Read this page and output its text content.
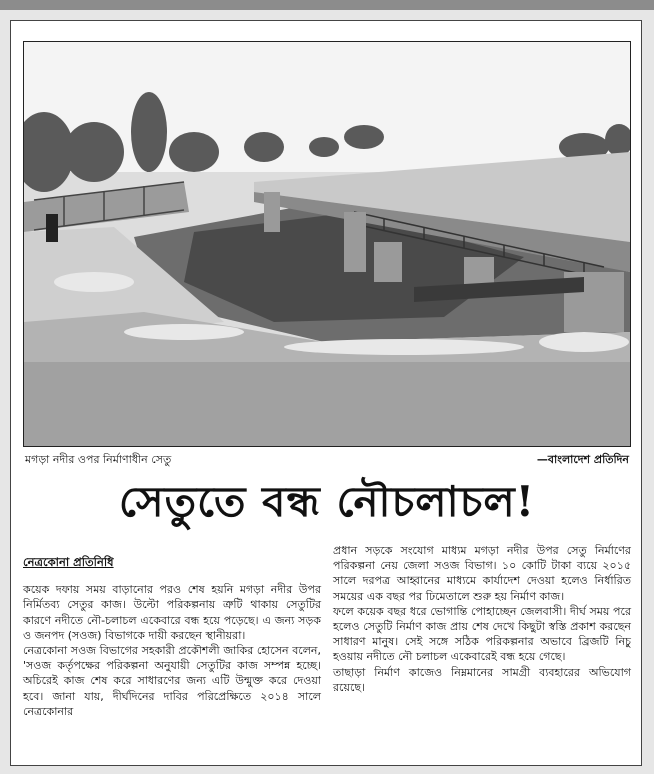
মগড়া নদীর ওপর নির্মাণাধীন সেতু	—বাংলাদেশ প্রতিদিন
সেতুতে বন্ধ নৌচলাচল!
নেত্রকোনা প্রতিনিধি

কয়েক দফায় সময় বাড়ানোর পরও শেষ হয়নি মগড়া নদীর উপর নির্মিতব্য সেতুর কাজ। উল্টো পরিকল্পনায় ত্রুটি থাকায় সেতুটির কারণে নদীতে নৌ-চলাচল একেবারে বন্ধ হয়ে পড়েছে। এ জন্য সড়ক ও জনপদ (সওজ) বিভাগকে দায়ী করছেন স্থানীয়রা।

নেত্রকোনা সওজ বিভাগের সহকারী প্রকৌশলী জাকির হোসেন বলেন, 'সওজ কর্তৃপক্ষের পরিকল্পনা অনুযায়ী সেতুটির কাজ সম্পন্ন হচ্ছে। অচিরেই কাজ শেষ করে সাধারণের জন্য এটি উন্মুক্ত করে দেওয়া হবে। জানা যায়, দীর্ঘদিনের দাবির পরিপ্রেক্ষিতে ২০১৪ সালে নেত্রকোনার

প্রধান সড়কে সংযোগ মাধ্যম মগড়া নদীর উপর সেতু নির্মাণের পরিকল্পনা নেয় জেলা সওজ বিভাগ। ১০ কোটি টাকা ব্যয়ে ২০১৫ সালে দরপত্র আহ্বানের মাধ্যমে কার্যাদেশ দেওয়া হলেও নির্ধারিত সময়ের এক বছর পর ঢিমেতালে শুরু হয় নির্মাণ কাজ।

ফলে কয়েক বছর ধরে ভোগান্তি পোহাচ্ছেন জেলবাসী। দীর্ঘ সময় পরে হলেও সেতুটি নির্মাণ কাজ প্রায় শেষ দেখে কিছুটা স্বস্তি প্রকাশ করছেন সাধারণ মানুষ। সেই সঙ্গে সঠিক পরিকল্পনার অভাবে ব্রিজটি নিচু হওয়ায় নদীতে নৌ চলাচল একেবারেই বন্ধ হয়ে গেছে।

তাছাড়া নির্মাণ কাজেও নিম্নমানের সামগ্রী ব্যবহারের অভিযোগ রয়েছে।
